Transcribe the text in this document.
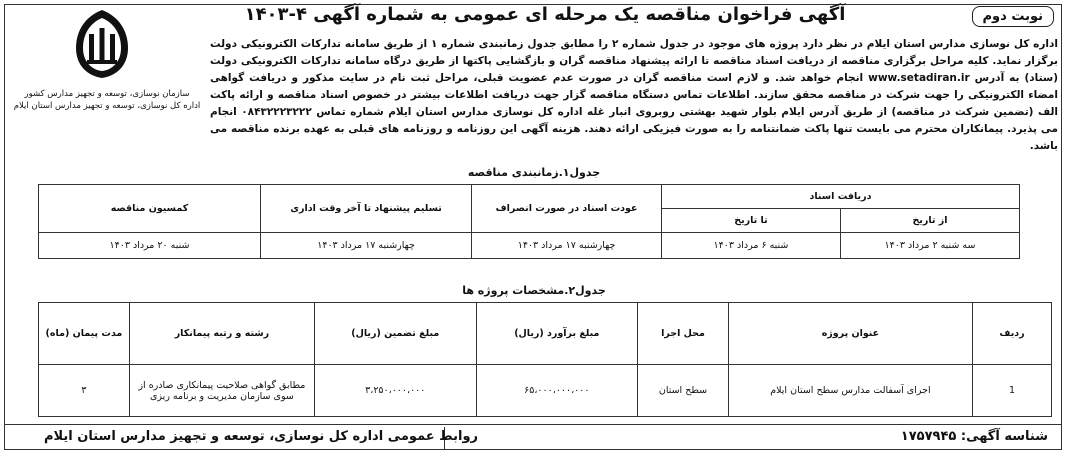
نوبت دوم
آگهی فراخوان مناقصه یک مرحله ای عمومی به شماره آگهی ۴-۱۴۰۳
سازمان نوسازی، توسعه و تجهیز مدارس کشور
اداره کل نوسازی، توسعه و تجهیز مدارس استان ایلام
اداره کل نوسازی مدارس استان ایلام در نظر دارد پروژه های موجود در جدول شماره ۲ را مطابق جدول زمانبندی شماره ۱ از طریق سامانه تدارکات الکترونیکی دولت برگزار نماید. کلیه مراحل برگزاری مناقصه از دریافت اسناد مناقصه تا ارائه پیشنهاد مناقصه گران و بازگشایی پاکتها از طریق درگاه سامانه تدارکات الکترونیکی دولت (ستاد) به آدرس www.setadiran.ir انجام خواهد شد. و لازم است مناقصه گران در صورت عدم عضویت قبلی، مراحل ثبت نام در سایت مذکور و دریافت گواهی امضاء الکترونیکی را جهت شرکت در مناقصه محقق سازند. اطلاعات تماس دستگاه مناقصه گزار جهت دریافت اطلاعات بیشتر در خصوص اسناد مناقصه و ارائه پاکت الف (تضمین شرکت در مناقصه) از طریق آدرس ایلام بلوار شهید بهشتی روبروی انبار غله اداره کل نوسازی مدارس استان ایلام شماره تماس ۰۸۴۳۲۲۲۳۲۲۲ انجام می پذیرد. پیمانکاران محترم می بایست تنها پاکت ضمانتنامه را به صورت فیزیکی ارائه دهند. هزینه آگهی این روزنامه و روزنامه های قبلی به عهده برنده مناقصه می باشد.
جدول۱.زمانبندی مناقصه
دریافت اسناد		عودت اسناد در صورت انصراف	تسلیم پیشنهاد تا آخر وقت اداری	کمسیون مناقصه
از تاریخ	تا تاریخ			
سه شنبه ۲ مرداد ۱۴۰۳	شنبه ۶ مرداد ۱۴۰۳	چهارشنبه ۱۷ مرداد ۱۴۰۳	چهارشنبه ۱۷ مرداد ۱۴۰۳	شنبه ۲۰ مرداد ۱۴۰۳
جدول۲.مشخصات پروژه ها
ردیف	عنوان پروژه	محل اجرا	مبلغ برآورد (ریال)	مبلغ تضمین (ریال)	رشته و رتبه پیمانکار	مدت پیمان (ماه)
1	اجرای آسفالت مدارس سطح استان ایلام	سطح استان	۶۵،۰۰۰،۰۰۰،۰۰۰	۳،۲۵۰،۰۰۰،۰۰۰	مطابق گواهی صلاحیت پیمانکاری صادره از سوی سازمان مدیریت و برنامه ریزی	۳
شناسه آگهی: ۱۷۵۷۹۴۵
روابط عمومی اداره کل نوسازی، توسعه و تجهیز مدارس استان ایلام
